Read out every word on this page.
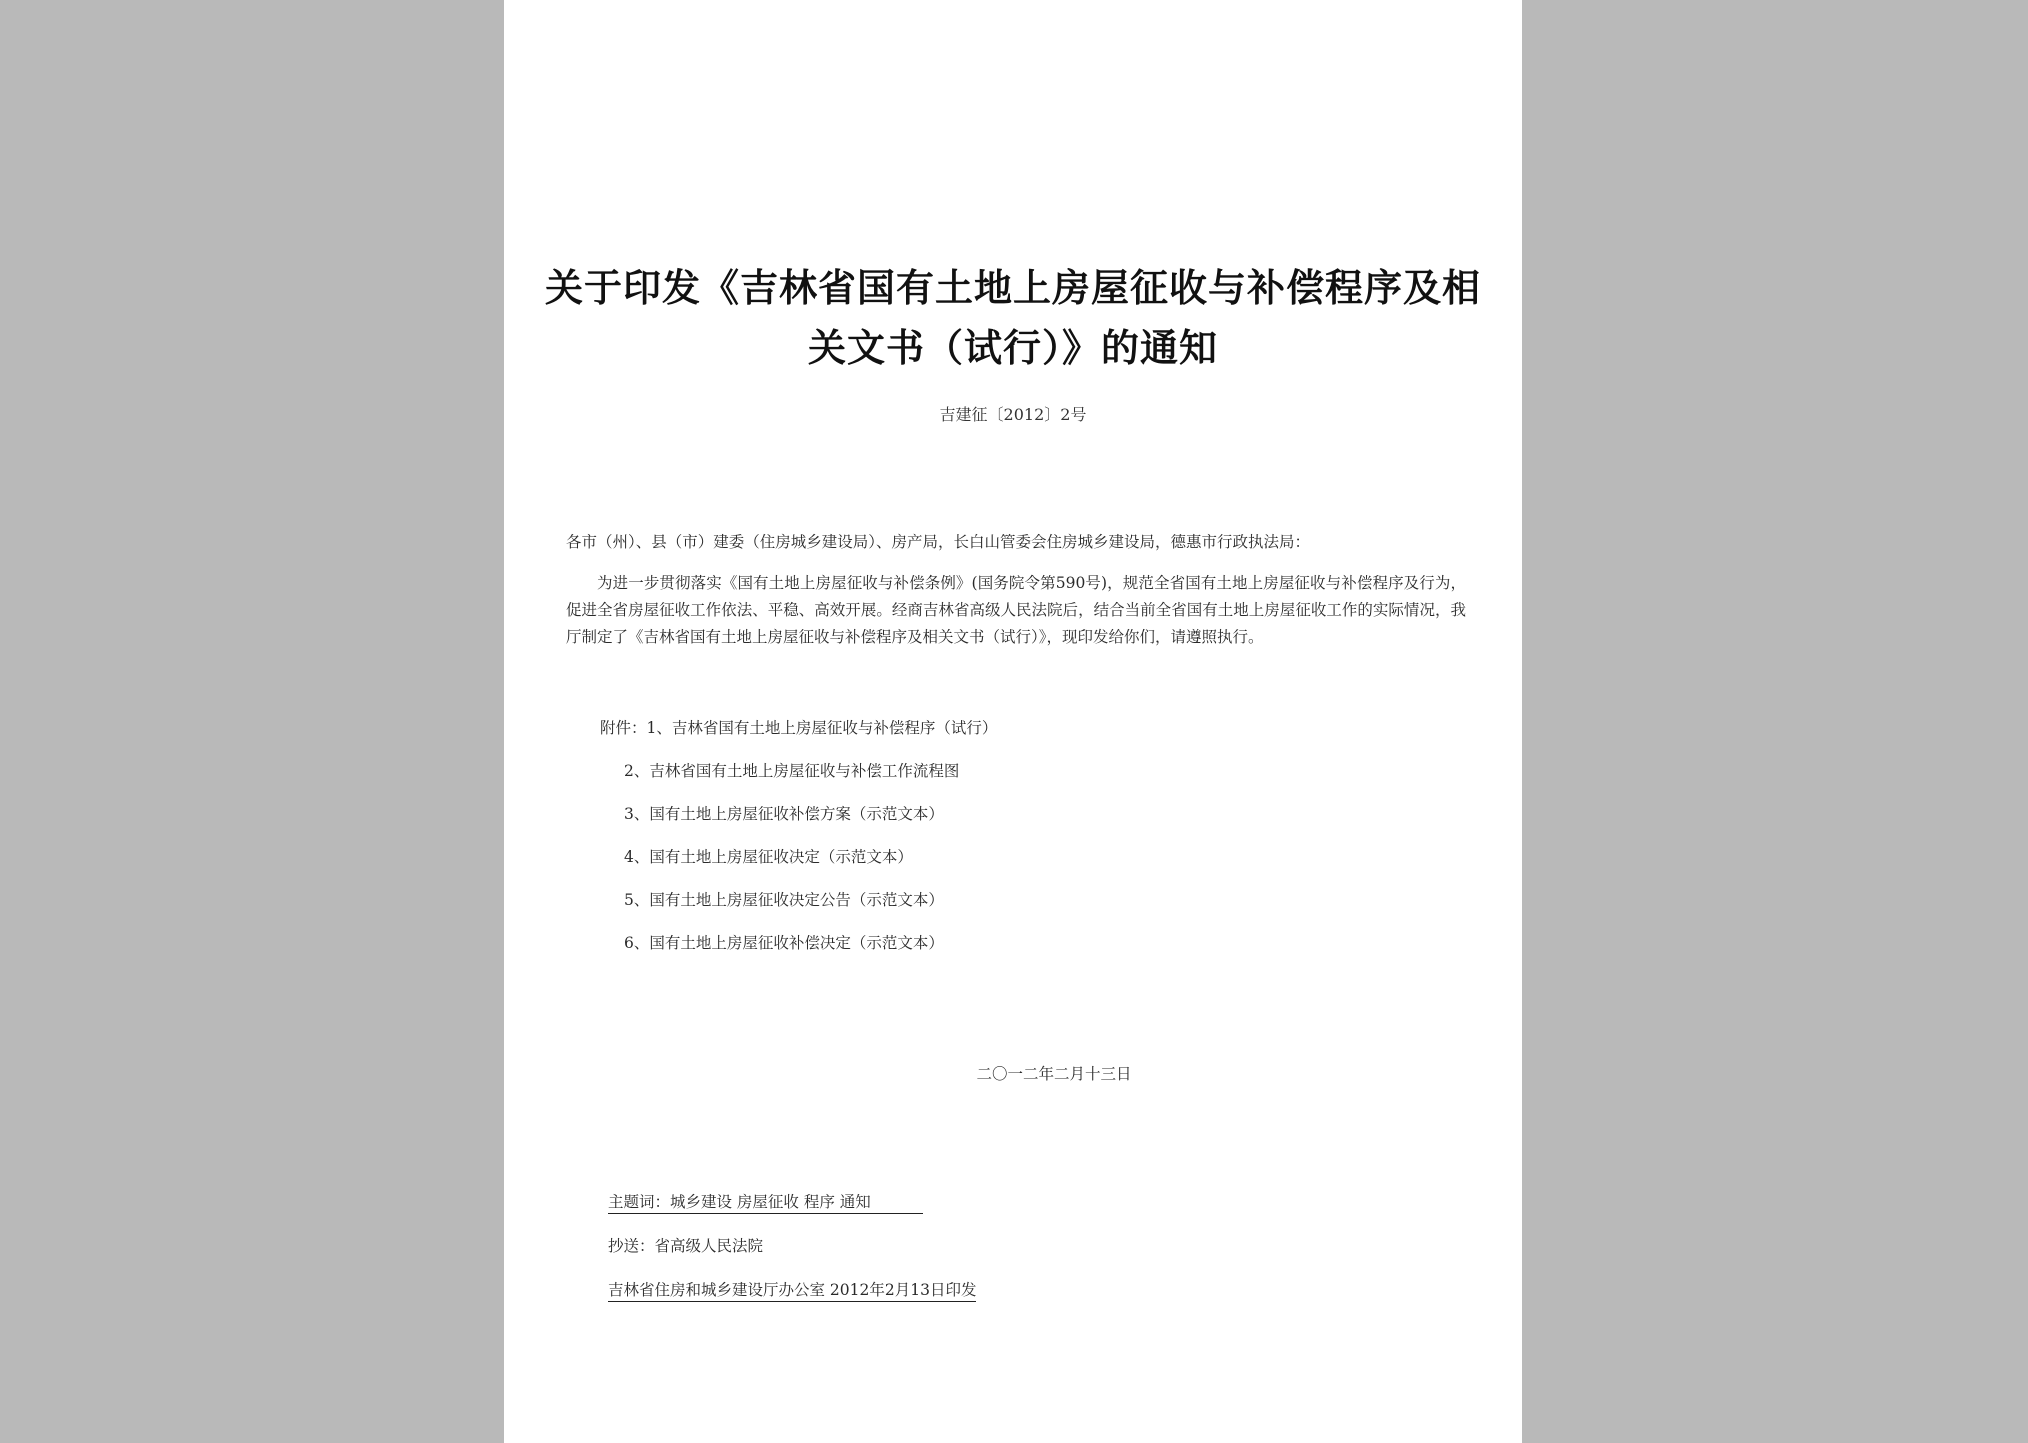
关于印发《吉林省国有土地上房屋征收与补偿程序及相
关文书（试行）》的通知
吉建征〔2012〕2号
各市（州）、县（市）建委（住房城乡建设局）、房产局，长白山管委会住房城乡建设局，德惠市行政执法局：
为进一步贯彻落实《国有土地上房屋征收与补偿条例》(国务院令第590号)，规范全省国有土地上房屋征收与补偿程序及行为，促进全省房屋征收工作依法、平稳、高效开展。经商吉林省高级人民法院后，结合当前全省国有土地上房屋征收工作的实际情况，我厅制定了《吉林省国有土地上房屋征收与补偿程序及相关文书（试行）》，现印发给你们，请遵照执行。
附件：1、吉林省国有土地上房屋征收与补偿程序（试行）
2、吉林省国有土地上房屋征收与补偿工作流程图
3、国有土地上房屋征收补偿方案（示范文本）
4、国有土地上房屋征收决定（示范文本）
5、国有土地上房屋征收决定公告（示范文本）
6、国有土地上房屋征收补偿决定（示范文本）
二〇一二年二月十三日
主题词：城乡建设 房屋征收 程序 通知
抄送：省高级人民法院
吉林省住房和城乡建设厅办公室 2012年2月13日印发
